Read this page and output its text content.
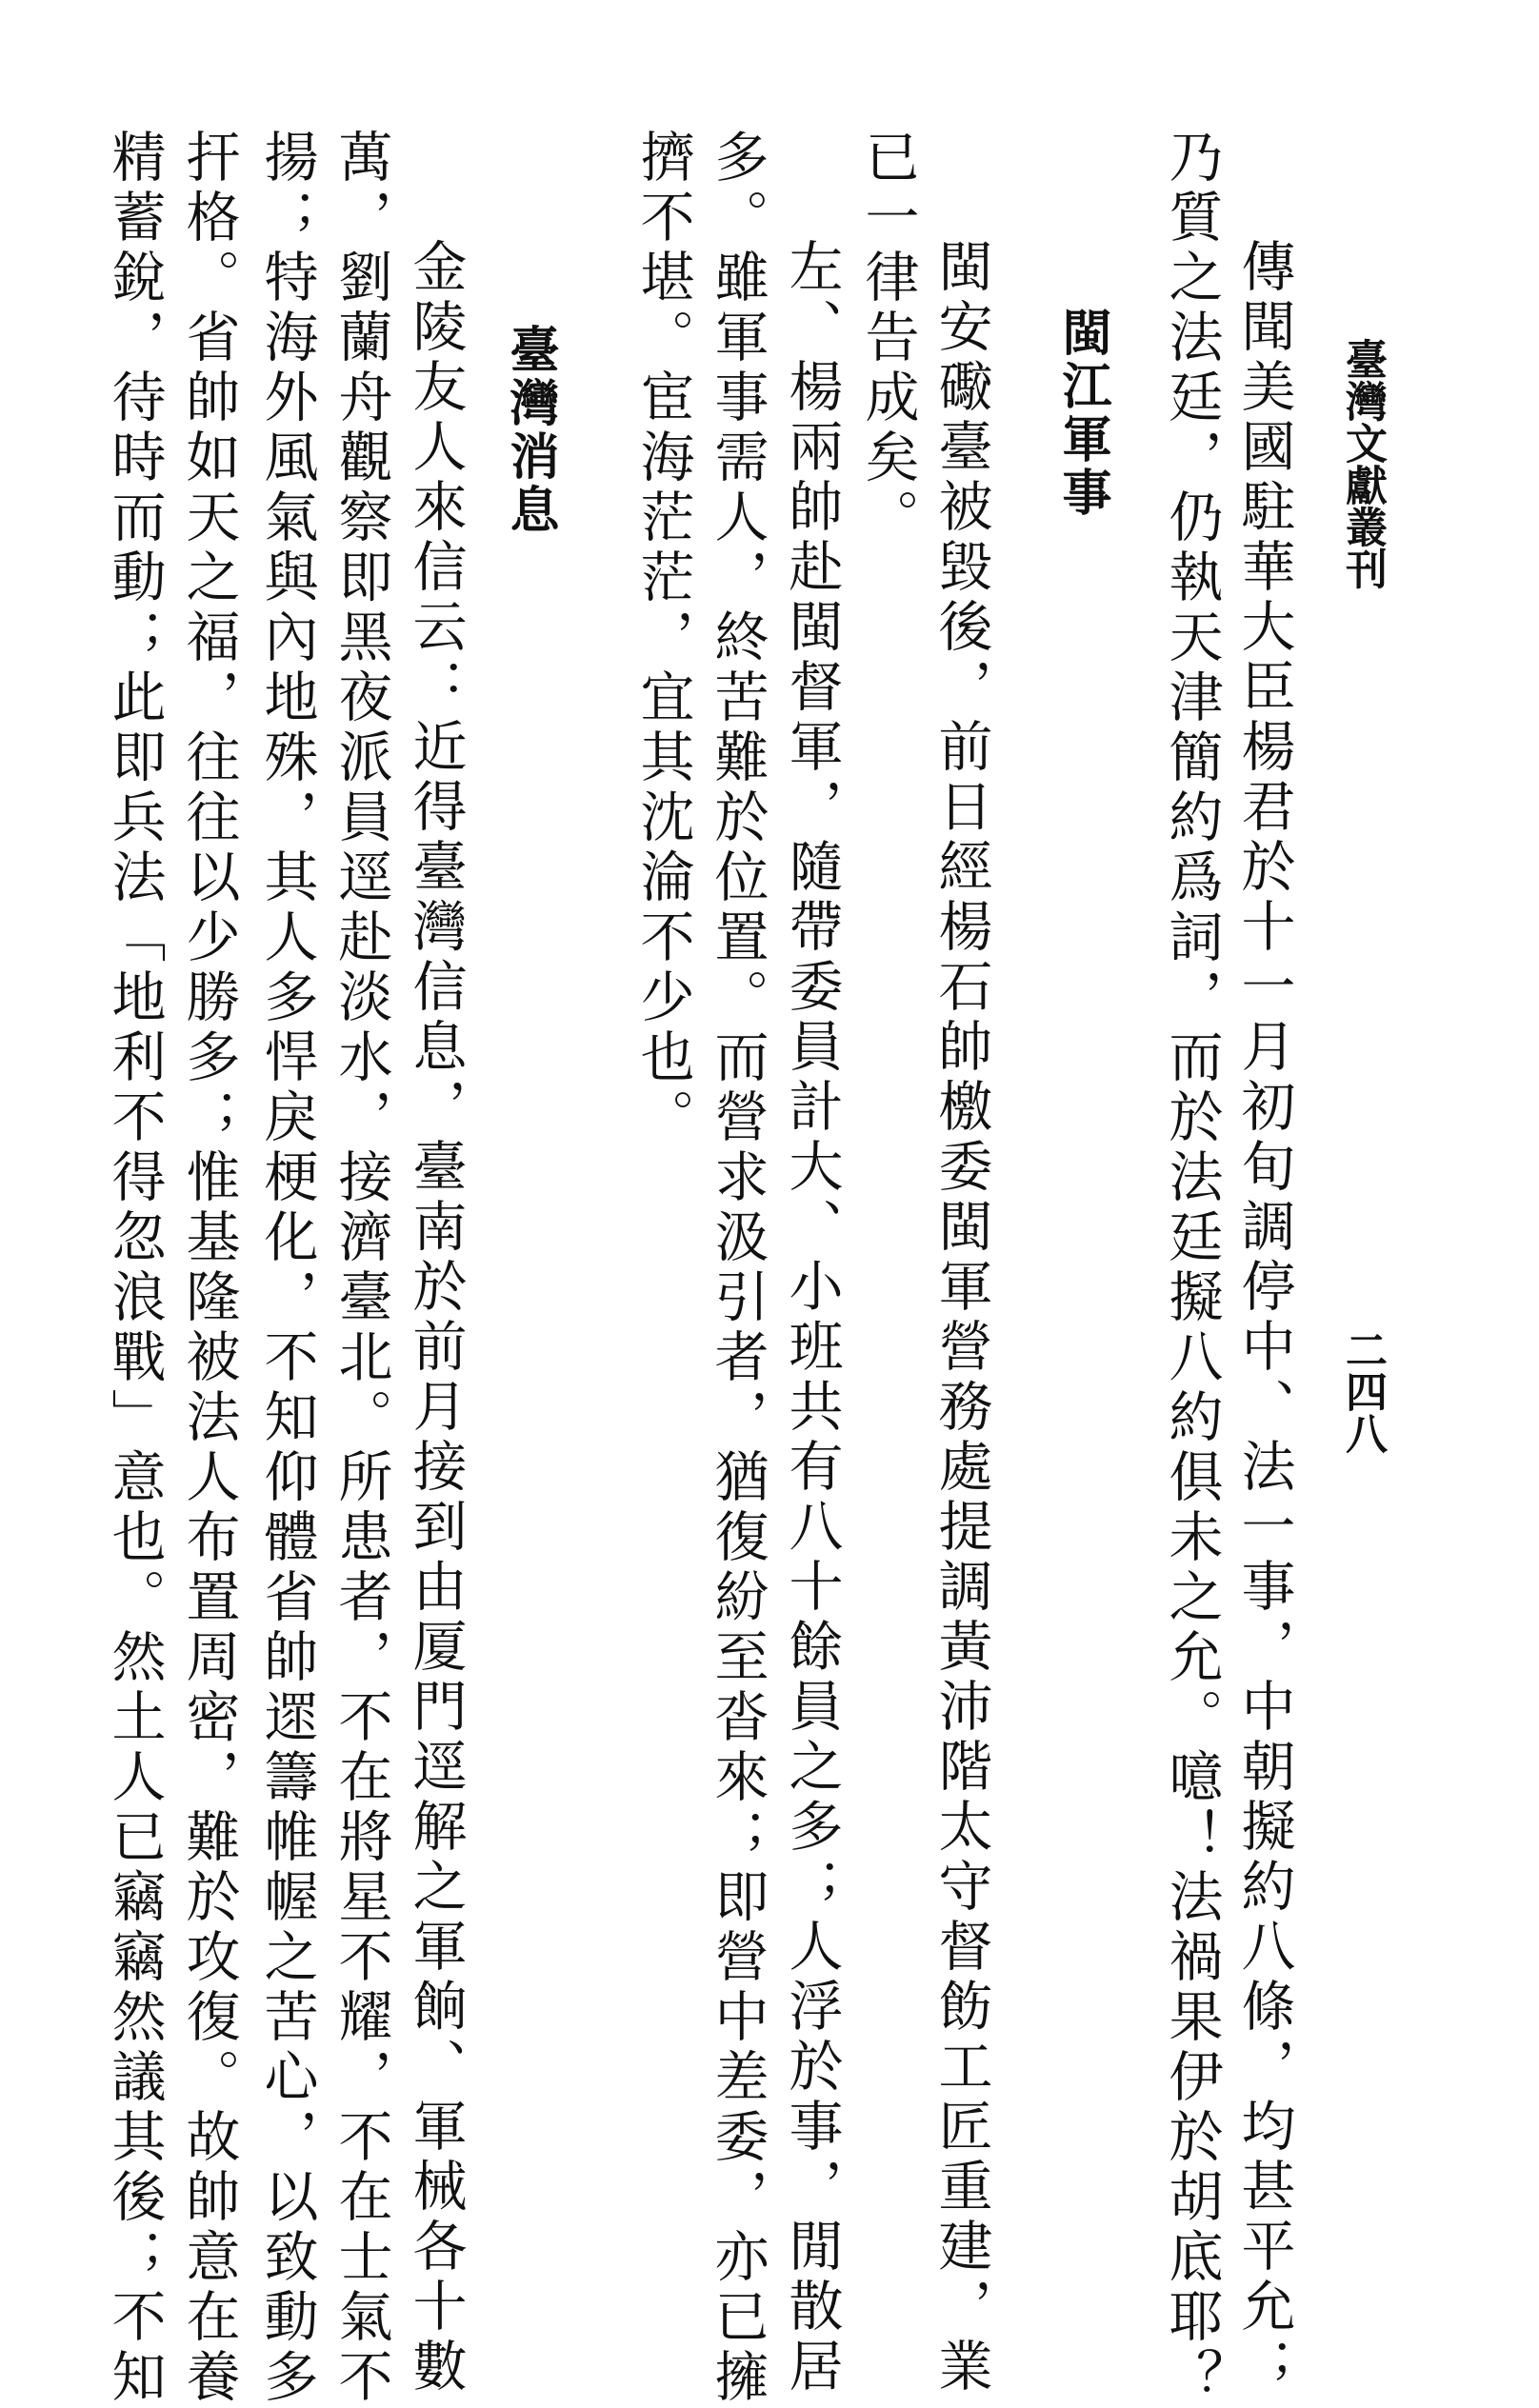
臺灣文獻叢刊
二四八
傳聞美國駐華大臣楊君於十一月初旬調停中、法一事，中朝擬約八條，均甚平允；
乃質之法廷，仍執天津簡約爲詞，而於法廷擬八約俱未之允。噫！法禍果伊於胡底耶？
閩江軍事
閩安礮臺被毀後，前日經楊石帥檄委閩軍營務處提調黃沛階太守督飭工匠重建，業
已一律告成矣。
左、楊兩帥赴閩督軍，隨帶委員計大、小班共有八十餘員之多；人浮於事，閒散居
多。雖軍事需人，終苦難於位置。而營求汲引者，猶復紛至沓來；即營中差委，亦已擁
擠不堪。宦海茫茫，宜其沈淪不少也。
臺灣消息
金陵友人來信云：近得臺灣信息，臺南於前月接到由厦門逕解之軍餉、軍械各十數
萬，劉蘭舟觀察即黑夜派員逕赴淡水，接濟臺北。所患者，不在將星不耀，不在士氣不
揚；特海外風氣與內地殊，其人多悍戾梗化，不知仰體省帥遝籌帷幄之苦心，以致動多
扞格。省帥如天之福，往往以少勝多；惟基隆被法人布置周密，難於攻復。故帥意在養
精蓄銳，待時而動；此即兵法「地利不得忽浪戰」意也。然土人已竊竊然議其後；不知
